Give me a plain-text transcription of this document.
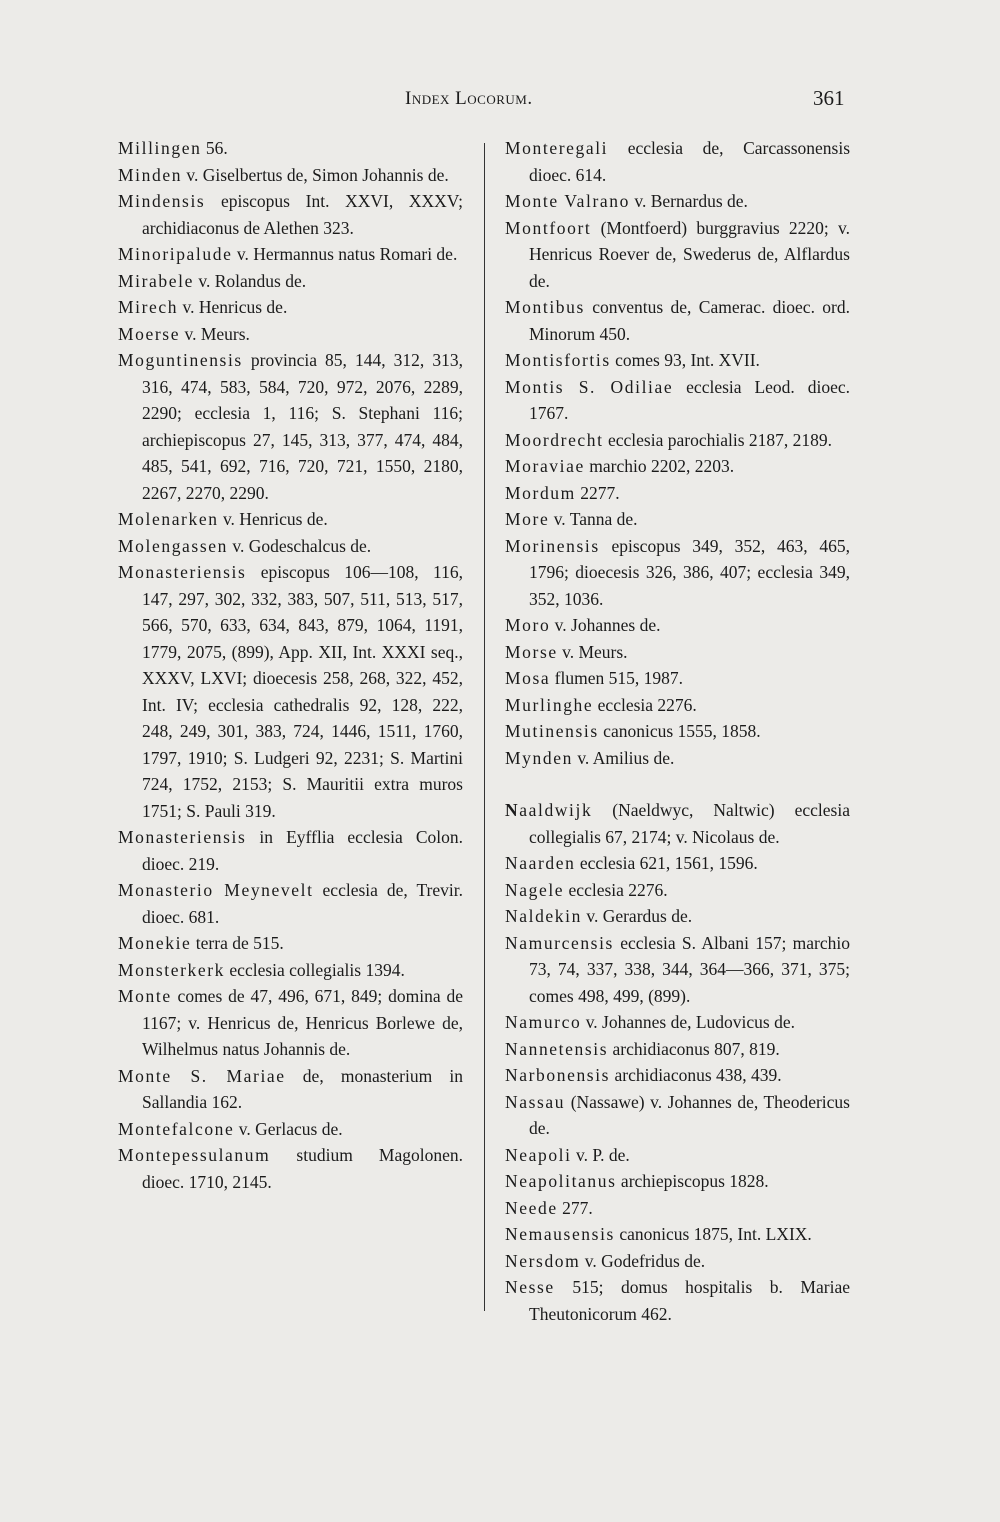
Index Locorum.	361
Millingen 56.
Minden v. Giselbertus de, Simon Johannis de.
Mindensis episcopus Int. XXVI, XXXV; archidiaconus de Alethen 323.
Minoripalude v. Hermannus natus Romari de.
Mirabele v. Rolandus de.
Mirech v. Henricus de.
Moerse v. Meurs.
Moguntinensis provincia 85, 144, 312, 313, 316, 474, 583, 584, 720, 972, 2076, 2289, 2290; ecclesia 1, 116; S. Stephani 116; archiepiscopus 27, 145, 313, 377, 474, 484, 485, 541, 692, 716, 720, 721, 1550, 2180, 2267, 2270, 2290.
Molenarken v. Henricus de.
Molengassen v. Godeschalcus de.
Monasteriensis episcopus 106—108, 116, 147, 297, 302, 332, 383, 507, 511, 513, 517, 566, 570, 633, 634, 843, 879, 1064, 1191, 1779, 2075, (899), App. XII, Int. XXXI seq., XXXV, LXVI; dioecesis 258, 268, 322, 452, Int. IV; ecclesia cathedralis 92, 128, 222, 248, 249, 301, 383, 724, 1446, 1511, 1760, 1797, 1910; S. Ludgeri 92, 2231; S. Martini 724, 1752, 2153; S. Mauritii extra muros 1751; S. Pauli 319.
Monasteriensis in Eyfflia ecclesia Colon. dioec. 219.
Monasterio Meynevelt ecclesia de, Trevir. dioec. 681.
Monekie terra de 515.
Monsterkerk ecclesia collegialis 1394.
Monte comes de 47, 496, 671, 849; domina de 1167; v. Henricus de, Henricus Borlewe de, Wilhelmus natus Johannis de.
Monte S. Mariae de, monasterium in Sallandia 162.
Montefalcone v. Gerlacus de.
Montepessulanum studium Magolonen. dioec. 1710, 2145.
Monteregali ecclesia de, Carcassonensis dioec. 614.
Monte Valrano v. Bernardus de.
Montfoort (Montfoerd) burggravius 2220; v. Henricus Roever de, Swederus de, Alflardus de.
Montibus conventus de, Camerac. dioec. ord. Minorum 450.
Montisfortis comes 93, Int. XVII.
Montis S. Odiliae ecclesia Leod. dioec. 1767.
Moordrecht ecclesia parochialis 2187, 2189.
Moraviae marchio 2202, 2203.
Mordum 2277.
More v. Tanna de.
Morinensis episcopus 349, 352, 463, 465, 1796; dioecesis 326, 386, 407; ecclesia 349, 352, 1036.
Moro v. Johannes de.
Morse v. Meurs.
Mosa flumen 515, 1987.
Murlinghe ecclesia 2276.
Mutinensis canonicus 1555, 1858.
Mynden v. Amilius de.
Naaldwijk (Naeldwyc, Naltwic) ecclesia collegialis 67, 2174; v. Nicolaus de.
Naarden ecclesia 621, 1561, 1596.
Nagele ecclesia 2276.
Naldekin v. Gerardus de.
Namurcensis ecclesia S. Albani 157; marchio 73, 74, 337, 338, 344, 364—366, 371, 375; comes 498, 499, (899).
Namurco v. Johannes de, Ludovicus de.
Nannetensis archidiaconus 807, 819.
Narbonensis archidiaconus 438, 439.
Nassau (Nassawe) v. Johannes de, Theodericus de.
Neapoli v. P. de.
Neapolitanus archiepiscopus 1828.
Neede 277.
Nemausensis canonicus 1875, Int. LXIX.
Nersdom v. Godefridus de.
Nesse 515; domus hospitalis b. Mariae Theutonicorum 462.
